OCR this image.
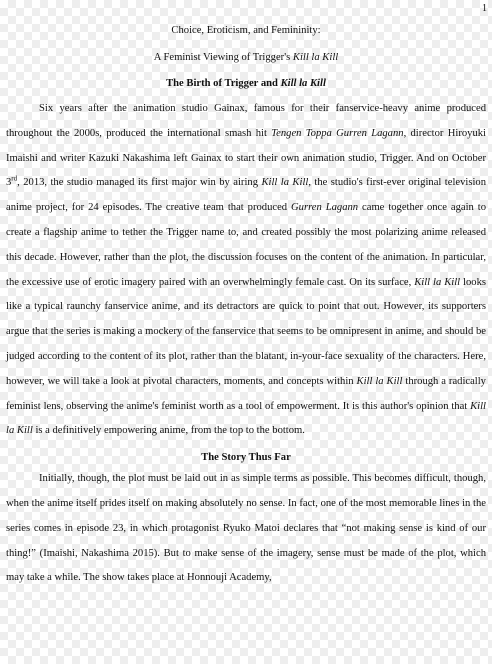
1

Choice, Eroticism, and Femininity:

A Feminist Viewing of Trigger's Kill la Kill

The Birth of Trigger and Kill la Kill

Six years after the animation studio Gainax, famous for their fanservice-heavy anime produced throughout the 2000s, produced the international smash hit Tengen Toppa Gurren Lagann, director Hiroyuki Imaishi and writer Kazuki Nakashima left Gainax to start their own animation studio, Trigger. And on October 3rd, 2013, the studio managed its first major win by airing Kill la Kill, the studio's first-ever original television anime project, for 24 episodes. The creative team that produced Gurren Lagann came together once again to create a flagship anime to tether the Trigger name to, and created possibly the most polarizing anime released this decade. However, rather than the plot, the discussion focuses on the content of the animation. In particular, the excessive use of erotic imagery paired with an overwhelmingly female cast. On its surface, Kill la Kill looks like a typical raunchy fanservice anime, and its detractors are quick to point that out. However, its supporters argue that the series is making a mockery of the fanservice that seems to be omnipresent in anime, and should be judged according to the content of its plot, rather than the blatant, in-your-face sexuality of the characters. Here, however, we will take a look at pivotal characters, moments, and concepts within Kill la Kill through a radically feminist lens, observing the anime's feminist worth as a tool of empowerment. It is this author's opinion that Kill la Kill is a definitively empowering anime, from the top to the bottom.

The Story Thus Far

Initially, though, the plot must be laid out in as simple terms as possible. This becomes difficult, though, when the anime itself prides itself on making absolutely no sense. In fact, one of the most memorable lines in the series comes in episode 23, in which protagonist Ryuko Matoi declares that “not making sense is kind of our thing!” (Imaishi, Nakashima 2015). But to make sense of the imagery, sense must be made of the plot, which may take a while. The show takes place at Honnouji Academy,
